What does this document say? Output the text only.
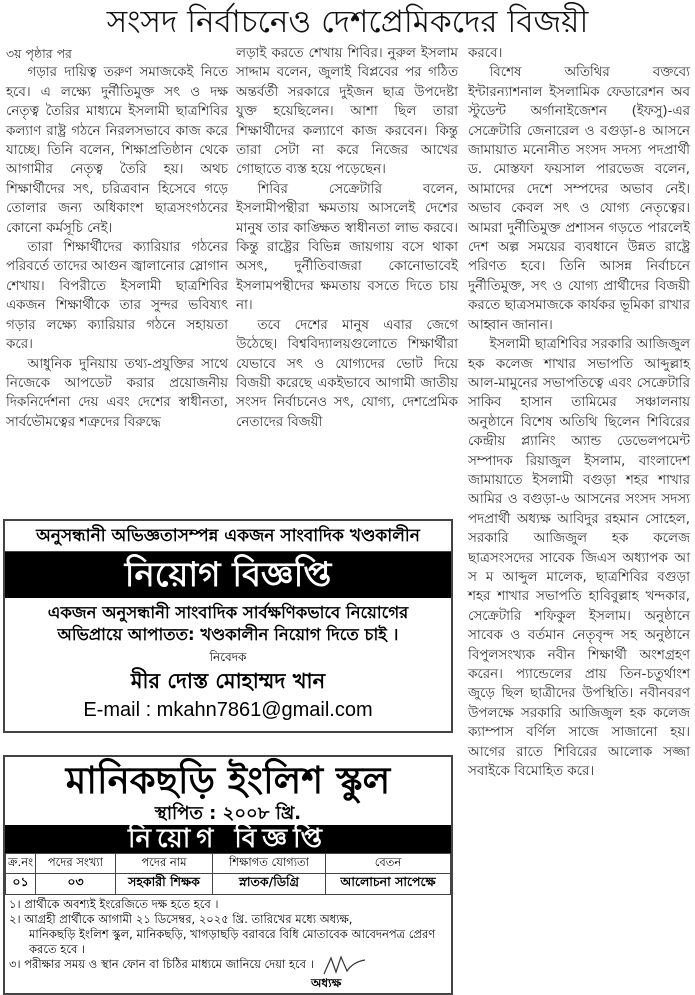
সংসদ নির্বাচনেও দেশপ্রেমিকদের বিজয়ী

৩য় পৃষ্ঠার পর

গড়ার দায়িত্ব তরুণ সমাজকেই নিতে হবে। এ লক্ষ্যে দুর্নীতিমুক্ত সৎ ও দক্ষ নেতৃত্ব তৈরির মাধ্যমে ইসলামী ছাত্রশিবির কল্যাণ রাষ্ট্র গঠনে নিরলসভাবে কাজ করে যাচ্ছে। তিনি বলেন, শিক্ষাপ্রতিষ্ঠান থেকে আগামীর নেতৃত্ব তৈরি হয়। অথচ শিক্ষার্থীদের সৎ, চরিত্রবান হিসেবে গড়ে তোলার জন্য অধিকাংশ ছাত্রসংগঠনের কোনো কর্মসূচি নেই।

তারা শিক্ষার্থীদের ক্যারিয়ার গঠনের পরিবর্তে তাদের আগুন জ্বালানোর স্লোগান শেখায়। বিপরীতে ইসলামী ছাত্রশিবির একজন শিক্ষার্থীকে তার সুন্দর ভবিষ্যৎ গড়ার লক্ষ্যে ক্যারিয়ার গঠনে সহায়তা করে।

আধুনিক দুনিয়ায় তথ্য-প্রযুক্তির সাথে নিজেকে আপডেট করার প্রয়োজনীয় দিকনির্দেশনা দেয় এবং দেশের স্বাধীনতা, সার্বভৌমত্বের শত্রুদের বিরুদ্ধে

লড়াই করতে শেখায় শিবির। নুরুল ইসলাম সাদ্দাম বলেন, জুলাই বিপ্লবের পর গঠিত অন্তর্বর্তী সরকারে দুইজন ছাত্র উপদেষ্টা যুক্ত হয়েছিলেন। আশা ছিল তারা শিক্ষার্থীদের কল্যাণে কাজ করবেন। কিন্তু তারা সেটা না করে নিজের আখের গোছাতে ব্যস্ত হয়ে পড়েছেন।

শিবির সেক্রেটারি বলেন, ইসলামীপন্থীরা ক্ষমতায় আসলেই দেশের মানুষ তার কাঙ্ক্ষিত স্বাধীনতা লাভ করবে। কিন্তু রাষ্ট্রের বিভিন্ন জায়গায় বসে থাকা অসৎ, দুর্নীতিবাজরা কোনোভাবেই ইসলামপন্থীদের ক্ষমতায় বসতে দিতে চায় না।

তবে দেশের মানুষ এবার জেগে উঠেছে। বিশ্ববিদ্যালয়গুলোতে শিক্ষার্থীরা যেভাবে সৎ ও যোগ্যদের ভোট দিয়ে বিজয়ী করেছে একইভাবে আগামী জাতীয় সংসদ নির্বাচনেও সৎ, যোগ্য, দেশপ্রেমিক নেতাদের বিজয়ী

করবে।

বিশেষ অতিথির বক্তব্যে ইন্টারন্যাশনাল ইসলামিক ফেডারেশন অব স্টুডেন্ট অর্গানাইজেশন (ইফসু)-এর সেক্রেটারি জেনারেল ও বগুড়া-৪ আসনে জামায়াত মনোনীত সংসদ সদস্য পদপ্রার্থী ড. মোস্তফা ফয়সাল পারভেজ বলেন, আমাদের দেশে সম্পদের অভাব নেই। অভাব কেবল সৎ ও যোগ্য নেতৃত্বের। আমরা দুর্নীতিমুক্ত প্রশাসন গড়তে পারলেই দেশ অল্প সময়ের ব্যবধানে উন্নত রাষ্ট্রে পরিণত হবে। তিনি আসন্ন নির্বাচনে দুর্নীতিমুক্ত, সৎ ও যোগ্য প্রার্থীদের বিজয়ী করতে ছাত্রসমাজকে কার্যকর ভূমিকা রাখার আহ্বান জানান।

ইসলামী ছাত্রশিবির সরকারি আজিজুল হক কলেজ শাখার সভাপতি আব্দুল্লাহ আল-মামুনের সভাপতিত্বে এবং সেক্রেটারি সাকিব হাসান তামিমের সঞ্চালনায় অনুষ্ঠানে বিশেষ অতিথি ছিলেন শিবিরের কেন্দ্রীয় প্ল্যানিং অ্যান্ড ডেভেলপমেন্ট সম্পাদক রিয়াজুল ইসলাম, বাংলাদেশ জামায়াতে ইসলামী বগুড়া শহর শাখার আমির ও বগুড়া-৬ আসনের সংসদ সদস্য পদপ্রার্থী অধ্যক্ষ আবিদুর রহমান সোহেল, সরকারি আজিজুল হক কলেজ ছাত্রসংসদের সাবেক জিএস অধ্যাপক আ স ম আব্দুল মালেক, ছাত্রশিবির বগুড়া শহর শাখার সভাপতি হাবিবুল্লাহ খন্দকার, সেক্রেটারি শফিকুল ইসলাম। অনুষ্ঠানে সাবেক ও বর্তমান নেতৃবৃন্দ সহ অনুষ্ঠানে বিপুলসংখ্যক নবীন শিক্ষার্থী অংশগ্রহণ করেন। প্যান্ডেলের প্রায় তিন-চতুর্থাংশ জুড়ে ছিল ছাত্রীদের উপস্থিতি। নবীনবরণ উপলক্ষে সরকারি আজিজুল হক কলেজ ক্যাম্পাস বর্ণিল সাজে সাজানো হয়। আগের রাতে শিবিরের আলোক সজ্জা সবাইকে বিমোহিত করে।

অনুসন্ধানী অভিজ্ঞতাসম্পন্ন একজন সাংবাদিক খণ্ডকালীন
নিয়োগ বিজ্ঞপ্তি
একজন অনুসন্ধানী সাংবাদিক সার্বক্ষণিকভাবে নিয়োগের
অভিপ্রায়ে আপাতত: খণ্ডকালীন নিয়োগ দিতে চাই ।
নিবেদক
মীর দোস্ত মোহাম্মদ খান
E-mail : mkahn7861@gmail.com
মানিকছড়ি ইংলিশ স্কুল
স্থাপিত : ২০০৮ খ্রি.
নিয়োগ বিজ্ঞপ্তি
ক্র.নং	পদের সংখ্যা	পদের নাম	শিক্ষাগত যোগ্যতা	বেতন
০১	০৩	সহকারী শিক্ষক	স্নাতক/ডিগ্রি	আলোচনা সাপেক্ষে
১। প্রার্থীকে অবশ্যই ইংরেজিতে দক্ষ হতে হবে ।
২। আগ্রহী প্রার্থীকে আগামী ২১ ডিসেম্বর, ২০২৫ খ্রি. তারিখের মধ্যে অধ্যক্ষ,
মানিকছড়ি ইংলিশ স্কুল, মানিকছড়ি, খাগড়াছড়ি বরাবরে বিধি মোতাবেক আবেদনপত্র প্রেরণ করতে হবে ।
৩। পরীক্ষার সময় ও স্থান ফোন বা চিঠির মাধ্যমে জানিয়ে দেয়া হবে ।
অধ্যক্ষ
